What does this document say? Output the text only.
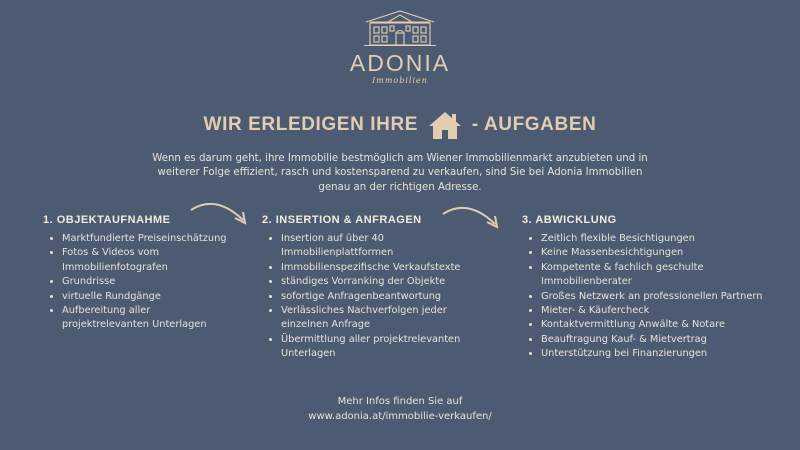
ADONIA
Immobilien
WIR ERLEDIGEN IHRE	- AUFGABEN
Wenn es darum geht, ihre Immobilie bestmöglich am Wiener Immobilienmarkt anzubieten und in weiterer Folge effizient, rasch und kostensparend zu verkaufen, sind Sie bei Adonia Immobilien genau an der richtigen Adresse.
1. OBJEKTAUFNAHME
• Marktfundierte Preiseinschätzung
• Fotos & Videos vom Immobilienfotografen
• Grundrisse
• virtuelle Rundgänge
• Aufbereitung aller projektrelevanten Unterlagen
2. INSERTION & ANFRAGEN
• Insertion auf über 40 Immobilienplattformen
• Immobilienspezifische Verkaufstexte
• ständiges Vorranking der Objekte
• sofortige Anfragenbeantwortung
• Verlässliches Nachverfolgen jeder einzelnen Anfrage
• Übermittlung aller projektrelevanten Unterlagen
3. ABWICKLUNG
• Zeitlich flexible Besichtigungen
• Keine Massenbesichtigungen
• Kompetente & fachlich geschulte Immobilienberater
• Großes Netzwerk an professionellen Partnern
• Mieter- & Käufercheck
• Kontaktvermittlung Anwälte & Notare
• Beauftragung Kauf- & Mietvertrag
• Unterstützung bei Finanzierungen
Mehr Infos finden Sie auf
www.adonia.at/immobilie-verkaufen/
